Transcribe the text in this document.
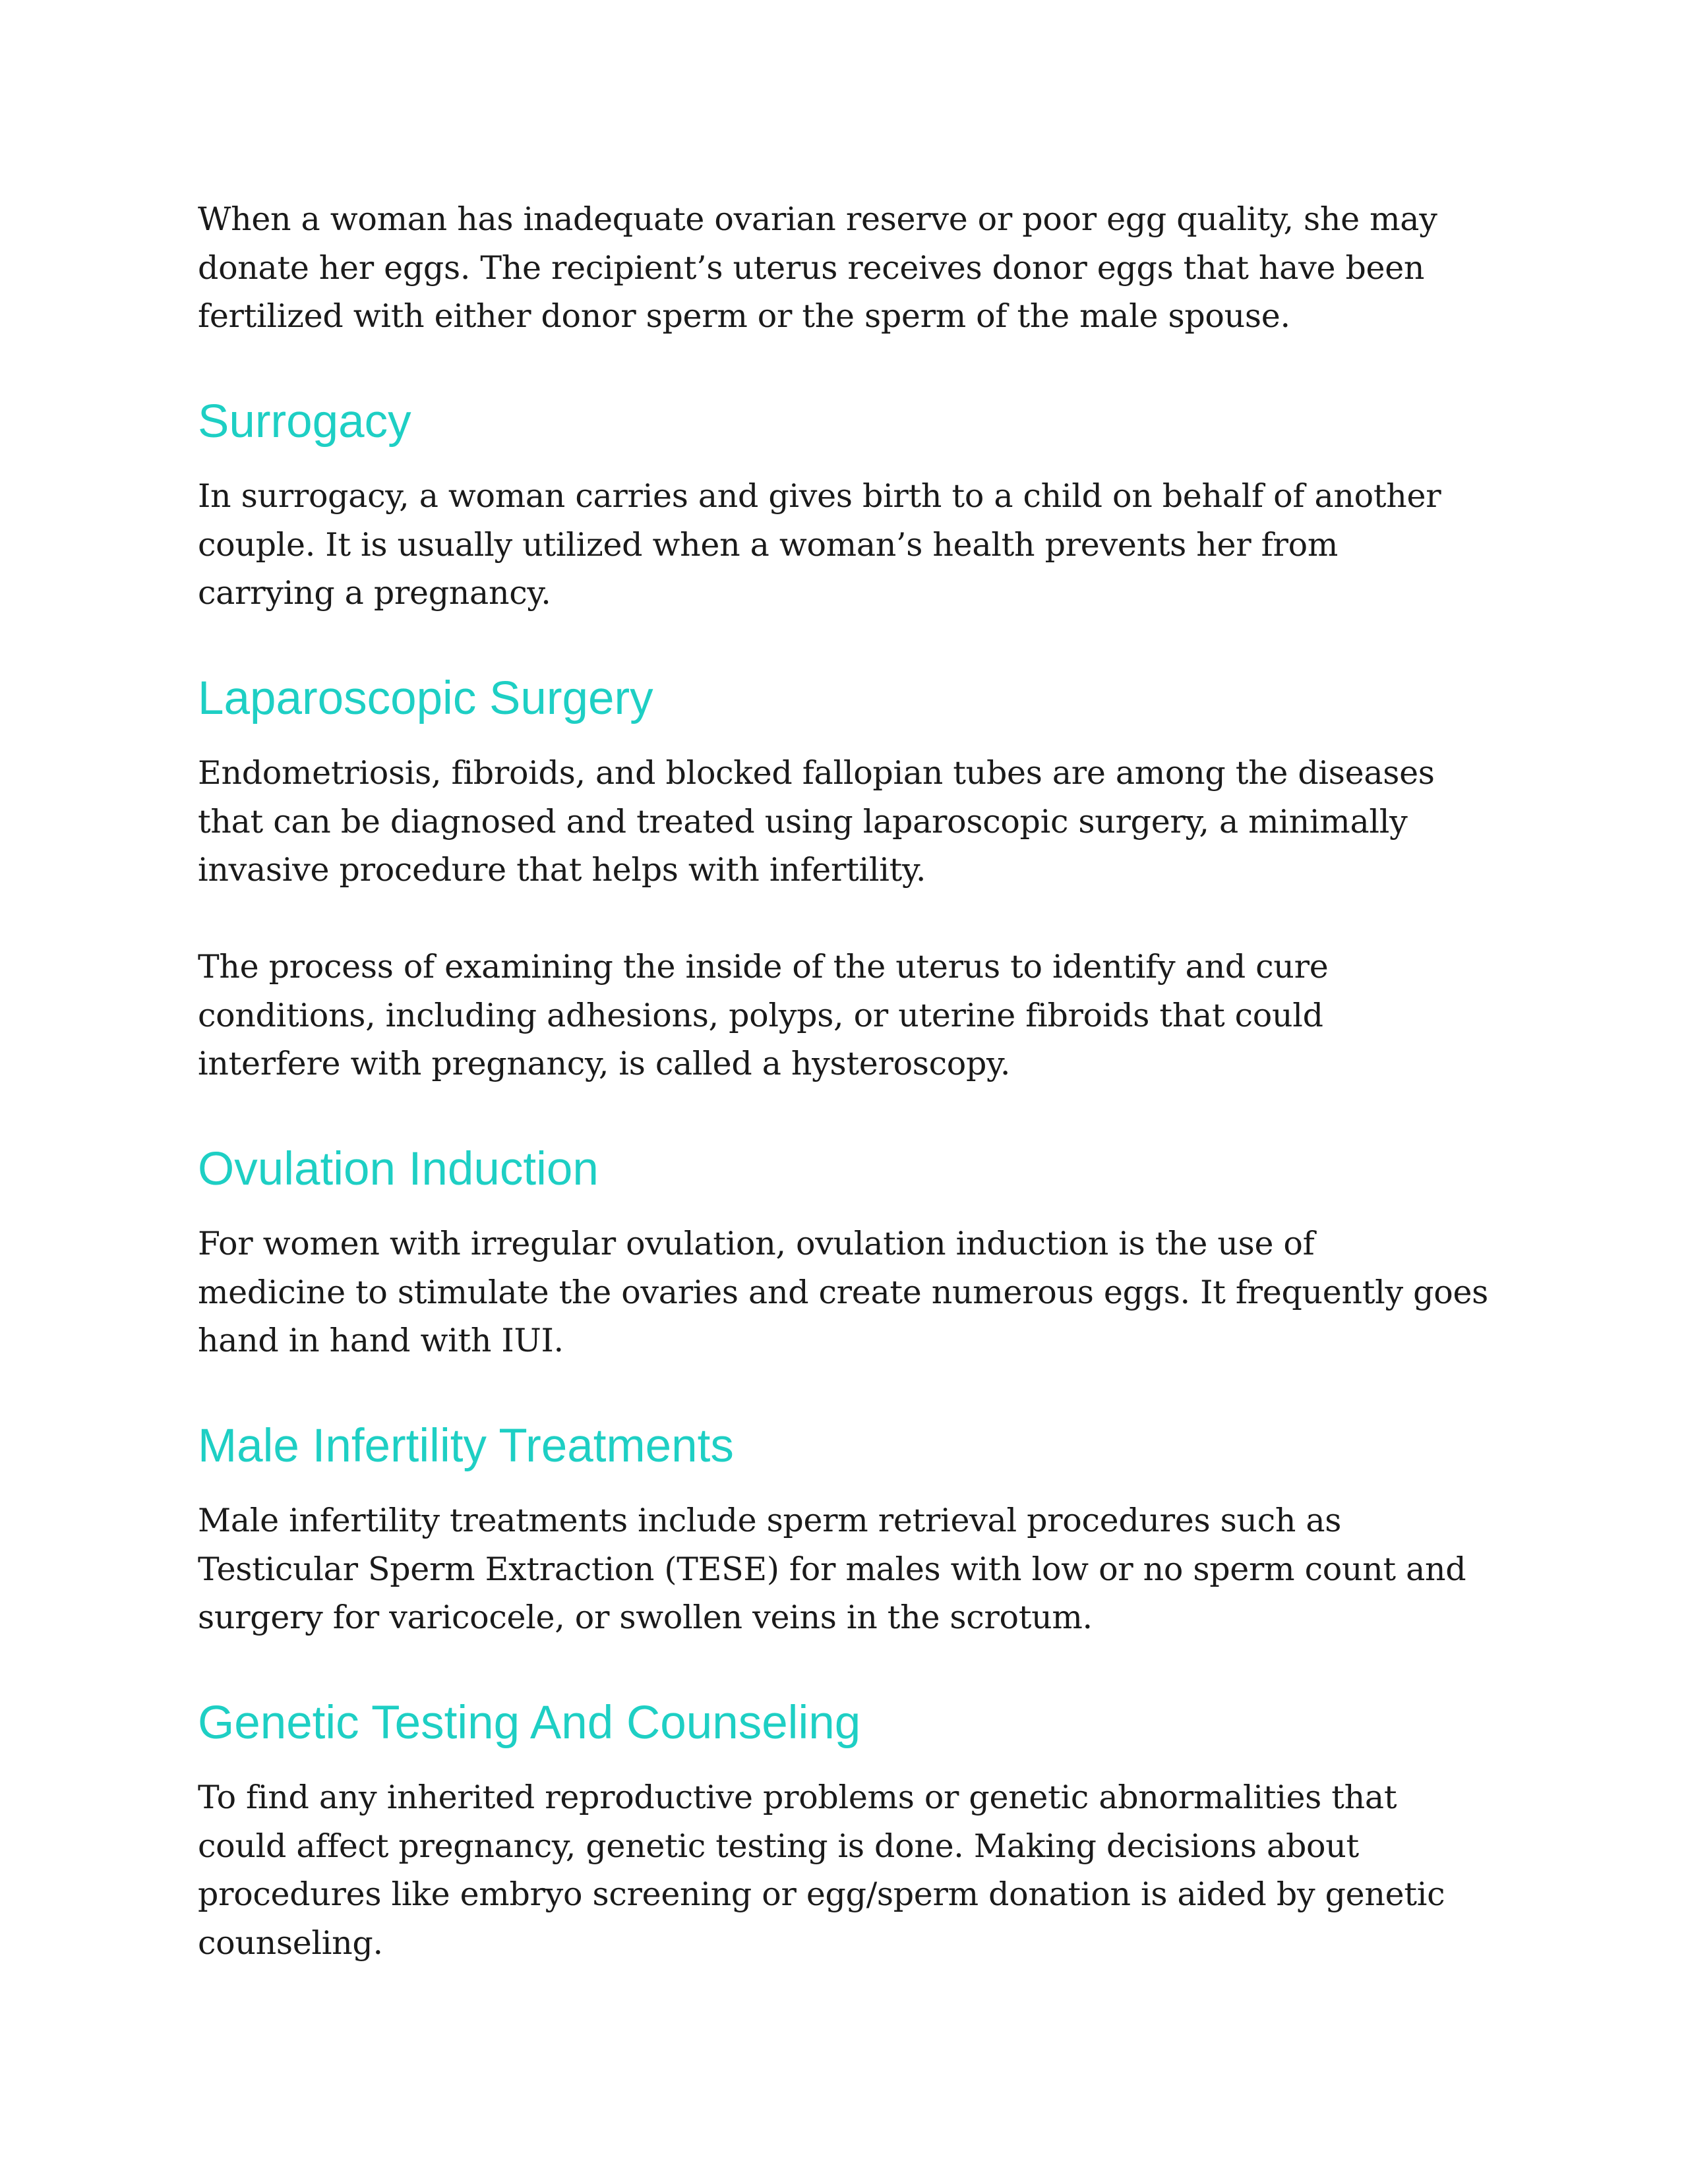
When a woman has inadequate ovarian reserve or poor egg quality, she may
donate her eggs. The recipient’s uterus receives donor eggs that have been
fertilized with either donor sperm or the sperm of the male spouse.

Surrogacy

In surrogacy, a woman carries and gives birth to a child on behalf of another
couple. It is usually utilized when a woman’s health prevents her from
carrying a pregnancy.

Laparoscopic Surgery

Endometriosis, fibroids, and blocked fallopian tubes are among the diseases
that can be diagnosed and treated using laparoscopic surgery, a minimally
invasive procedure that helps with infertility.

The process of examining the inside of the uterus to identify and cure
conditions, including adhesions, polyps, or uterine fibroids that could
interfere with pregnancy, is called a hysteroscopy.

Ovulation Induction

For women with irregular ovulation, ovulation induction is the use of
medicine to stimulate the ovaries and create numerous eggs. It frequently goes
hand in hand with IUI.

Male Infertility Treatments

Male infertility treatments include sperm retrieval procedures such as
Testicular Sperm Extraction (TESE) for males with low or no sperm count and
surgery for varicocele, or swollen veins in the scrotum.

Genetic Testing And Counseling

To find any inherited reproductive problems or genetic abnormalities that
could affect pregnancy, genetic testing is done. Making decisions about
procedures like embryo screening or egg/sperm donation is aided by genetic
counseling.
